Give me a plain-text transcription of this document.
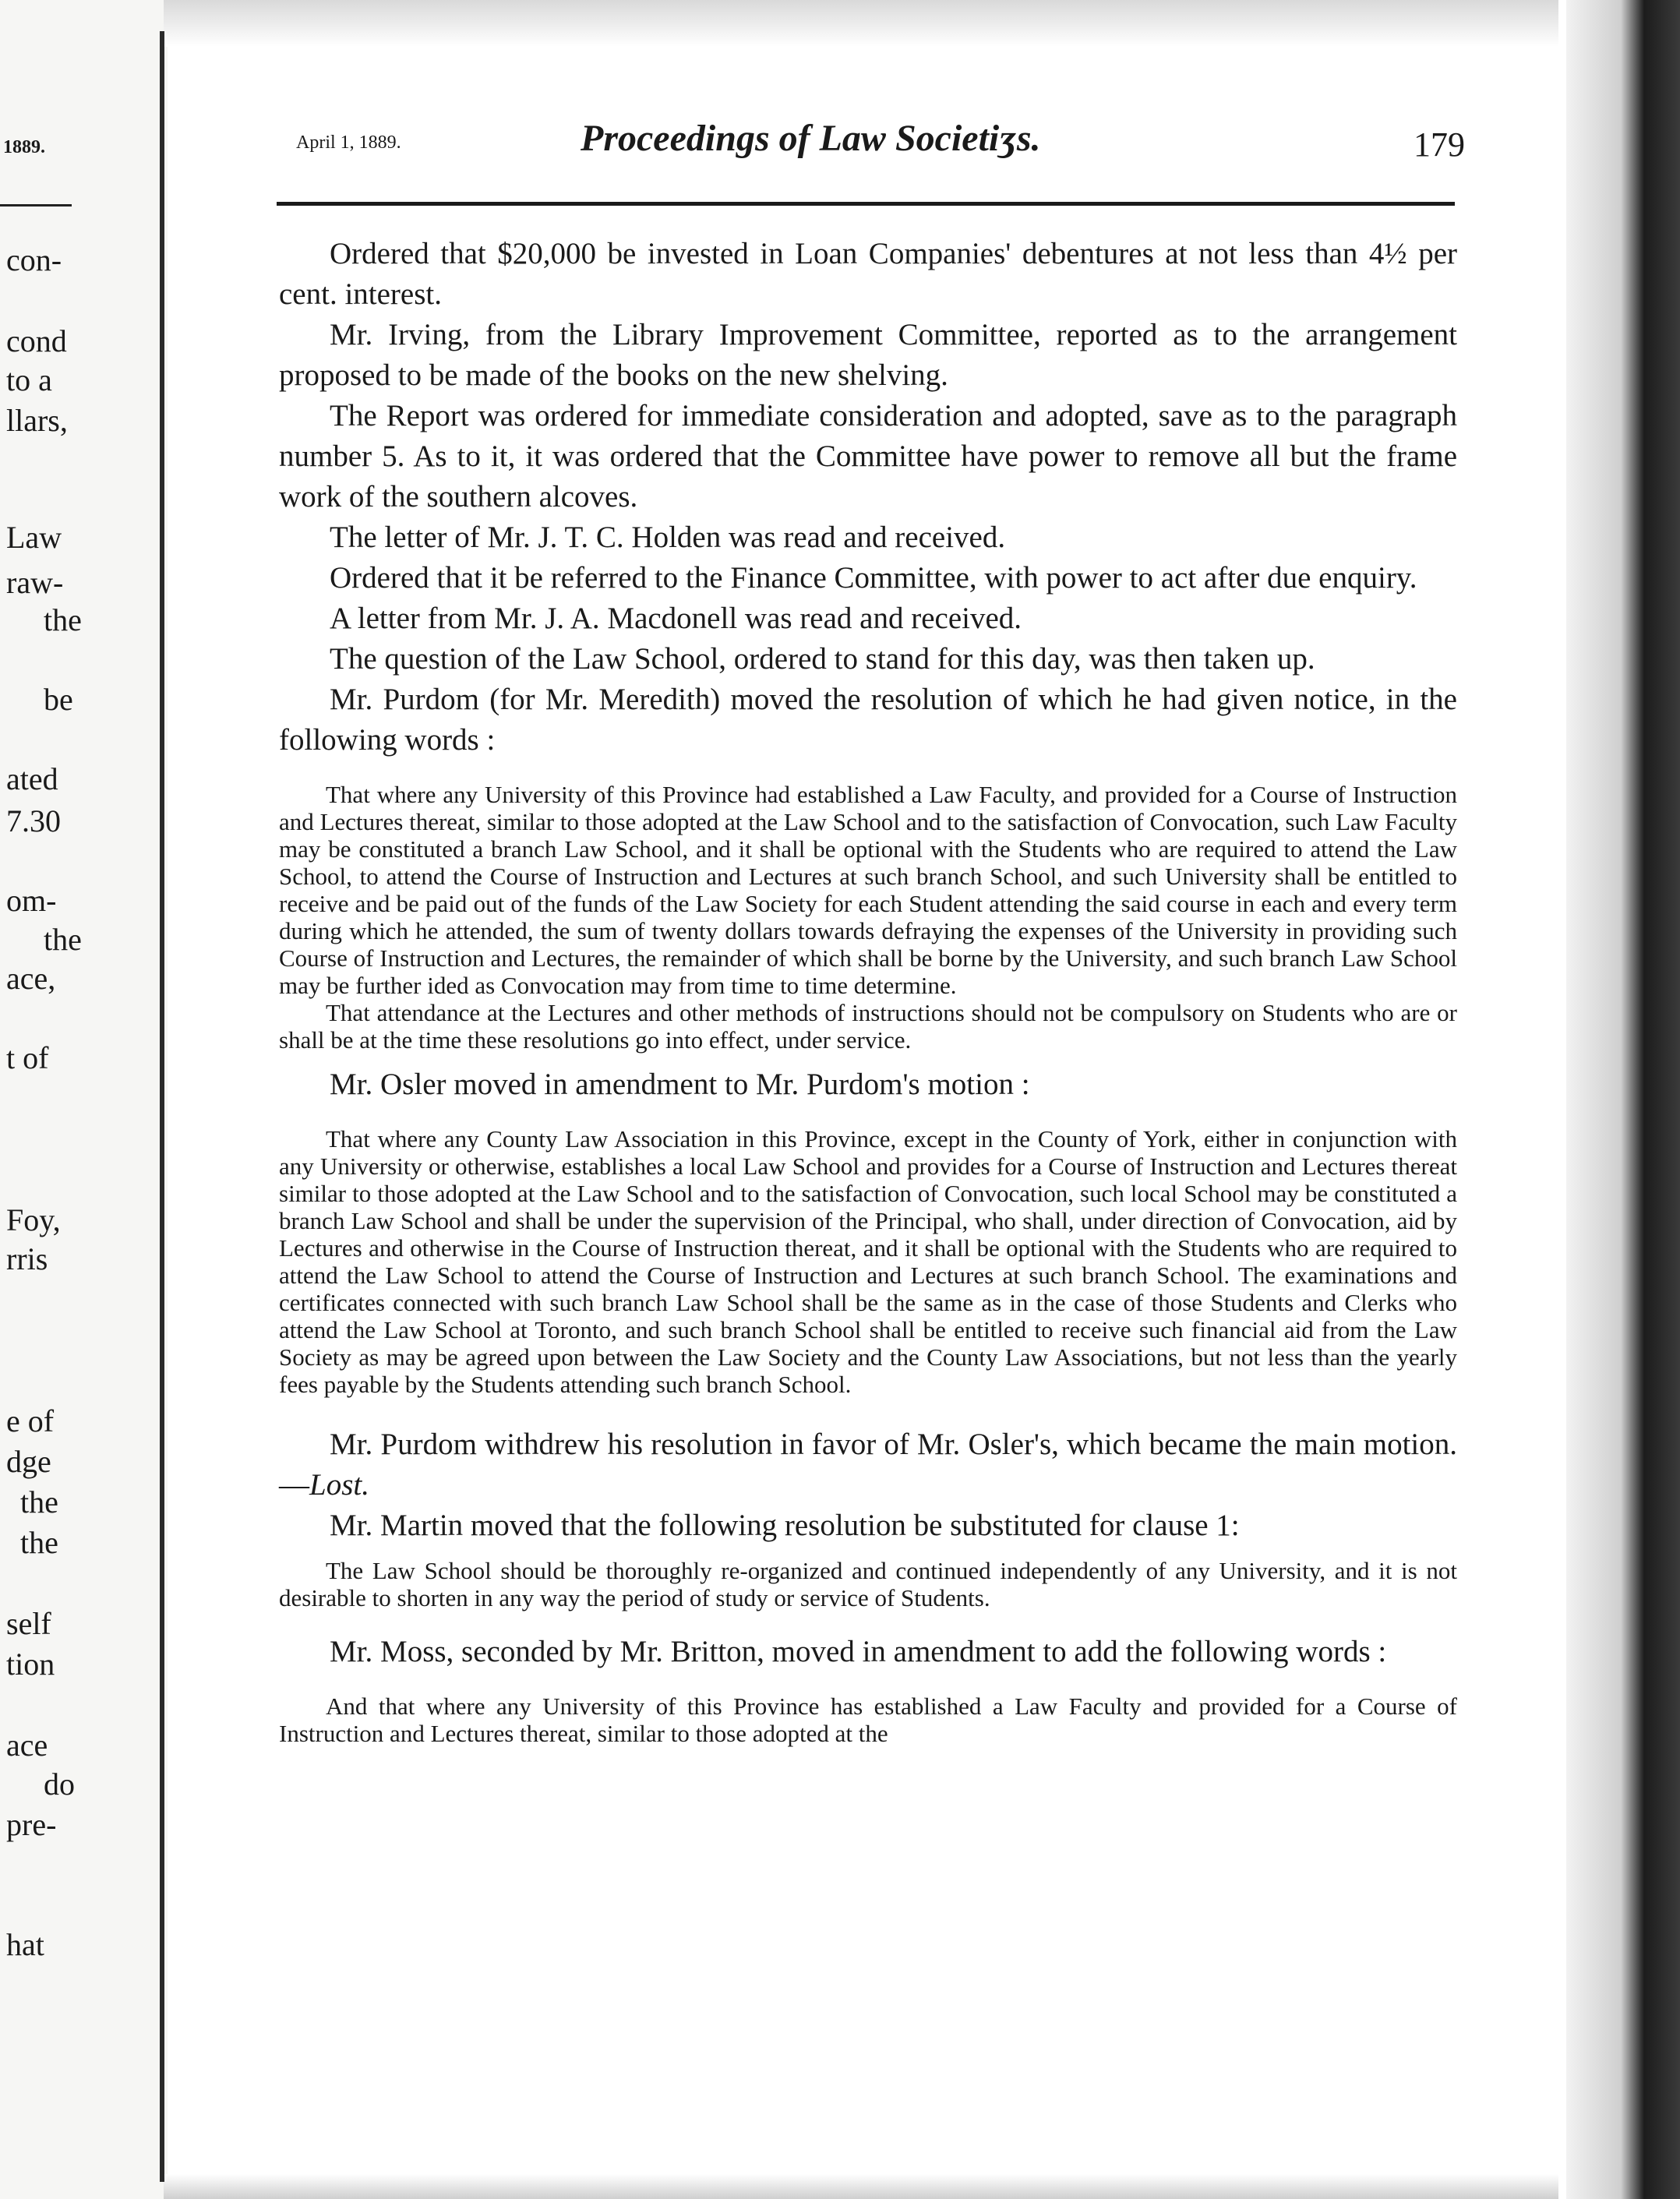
1889.
con-
cond
to a
llars,
Law
raw-
the
be
ated
7.30
om-
the
ace,
t of
Foy,
rris
e of
dge
the
the
self
tion
ace
do
pre-
hat
April 1, 1889.	Proceedings of Law Societiʒs.	179

Ordered that $20,000 be invested in Loan Companies' debentures at not less than 4½ per cent. interest.

Mr. Irving, from the Library Improvement Committee, reported as to the arrangement proposed to be made of the books on the new shelving.

The Report was ordered for immediate consideration and adopted, save as to the paragraph number 5. As to it, it was ordered that the Committee have power to remove all but the frame work of the southern alcoves.

The letter of Mr. J. T. C. Holden was read and received.

Ordered that it be referred to the Finance Committee, with power to act after due enquiry.

A letter from Mr. J. A. Macdonell was read and received.

The question of the Law School, ordered to stand for this day, was then taken up.

Mr. Purdom (for Mr. Meredith) moved the resolution of which he had given notice, in the following words :

That where any University of this Province had established a Law Faculty, and provided for a Course of Instruction and Lectures thereat, similar to those adopted at the Law School and to the satisfaction of Convocation, such Law Faculty may be constituted a branch Law School, and it shall be optional with the Students who are required to attend the Law School, to attend the Course of Instruction and Lectures at such branch School, and such University shall be entitled to receive and be paid out of the funds of the Law Society for each Student attending the said course in each and every term during which he attended, the sum of twenty dollars towards defraying the expenses of the University in providing such Course of Instruction and Lectures, the remainder of which shall be borne by the University, and such branch Law School may be further ided as Convocation may from time to time determine.

That attendance at the Lectures and other methods of instructions should not be compulsory on Students who are or shall be at the time these resolutions go into effect, under service.

Mr. Osler moved in amendment to Mr. Purdom's motion :

That where any County Law Association in this Province, except in the County of York, either in conjunction with any University or otherwise, establishes a local Law School and provides for a Course of Instruction and Lectures thereat similar to those adopted at the Law School and to the satisfaction of Convocation, such local School may be constituted a branch Law School and shall be under the supervision of the Principal, who shall, under direction of Convocation, aid by Lectures and otherwise in the Course of Instruction thereat, and it shall be optional with the Students who are required to attend the Law School to attend the Course of Instruction and Lectures at such branch School. The examinations and certificates connected with such branch Law School shall be the same as in the case of those Students and Clerks who attend the Law School at Toronto, and such branch School shall be entitled to receive such financial aid from the Law Society as may be agreed upon between the Law Society and the County Law Associations, but not less than the yearly fees payable by the Students attending such branch School.

Mr. Purdom withdrew his resolution in favor of Mr. Osler's, which became the main motion.—Lost.

Mr. Martin moved that the following resolution be substituted for clause 1:

The Law School should be thoroughly re-organized and continued independently of any University, and it is not desirable to shorten in any way the period of study or service of Students.

Mr. Moss, seconded by Mr. Britton, moved in amendment to add the following words :

And that where any University of this Province has established a Law Faculty and provided for a Course of Instruction and Lectures thereat, similar to those adopted at the
